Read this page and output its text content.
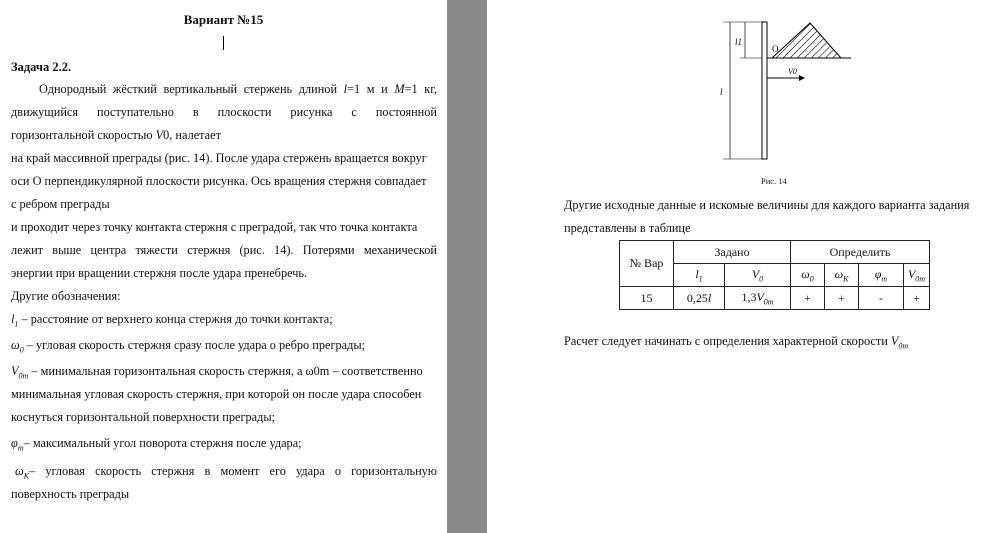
Вариант №15
Задача 2.2.
Однородный жёсткий вертикальный стержень длиной l=1 м и M=1 кг,
движущийся поступательно в плоскости рисунка с постоянной
горизонтальной скоростью V0, налетает
на край массивной преграды (рис. 14). После удара стержень вращается вокруг
оси О перпендикулярной плоскости рисунка. Ось вращения стержня совпадает
с ребром преграды
и проходит через точку контакта стержня с преградой, так что точка контакта
лежит выше центра тяжести стержня (рис. 14). Потерями механической
энергии при вращении стержня после удара пренебречь.
Другие обозначения:
$l_1$ – расстояние от верхнего конца стержня до точки контакта;
$\omega_0$ – угловая скорость стержня сразу после удара о ребро преграды;
$V_{0m}$ – минимальная горизонтальная скорость стержня, а ω0m – соответственно
минимальная угловая скорость стержня, при которой он после удара способен
коснуться горизонтальной поверхности преграды;
$\varphi_m-$ максимальный угол поворота стержня после удара;
$\omega_K-$ угловая скорость стержня в момент его удара о горизонтальную
поверхность преграды
l1
l
O
V0
Рис. 14
Другие исходные данные и искомые величины для каждого варианта задания
представлены в таблице
№ Вар	Задано		Определить			
	$l_1$	$V_0$	$\omega_0$	$\omega_K$	$\varphi_m$	$V_{0m}$
15	0,25l	$1,3V_{0m}$	+	+	-	+
Расчет следует начинать с определения характерной скорости $V_{0m}$
